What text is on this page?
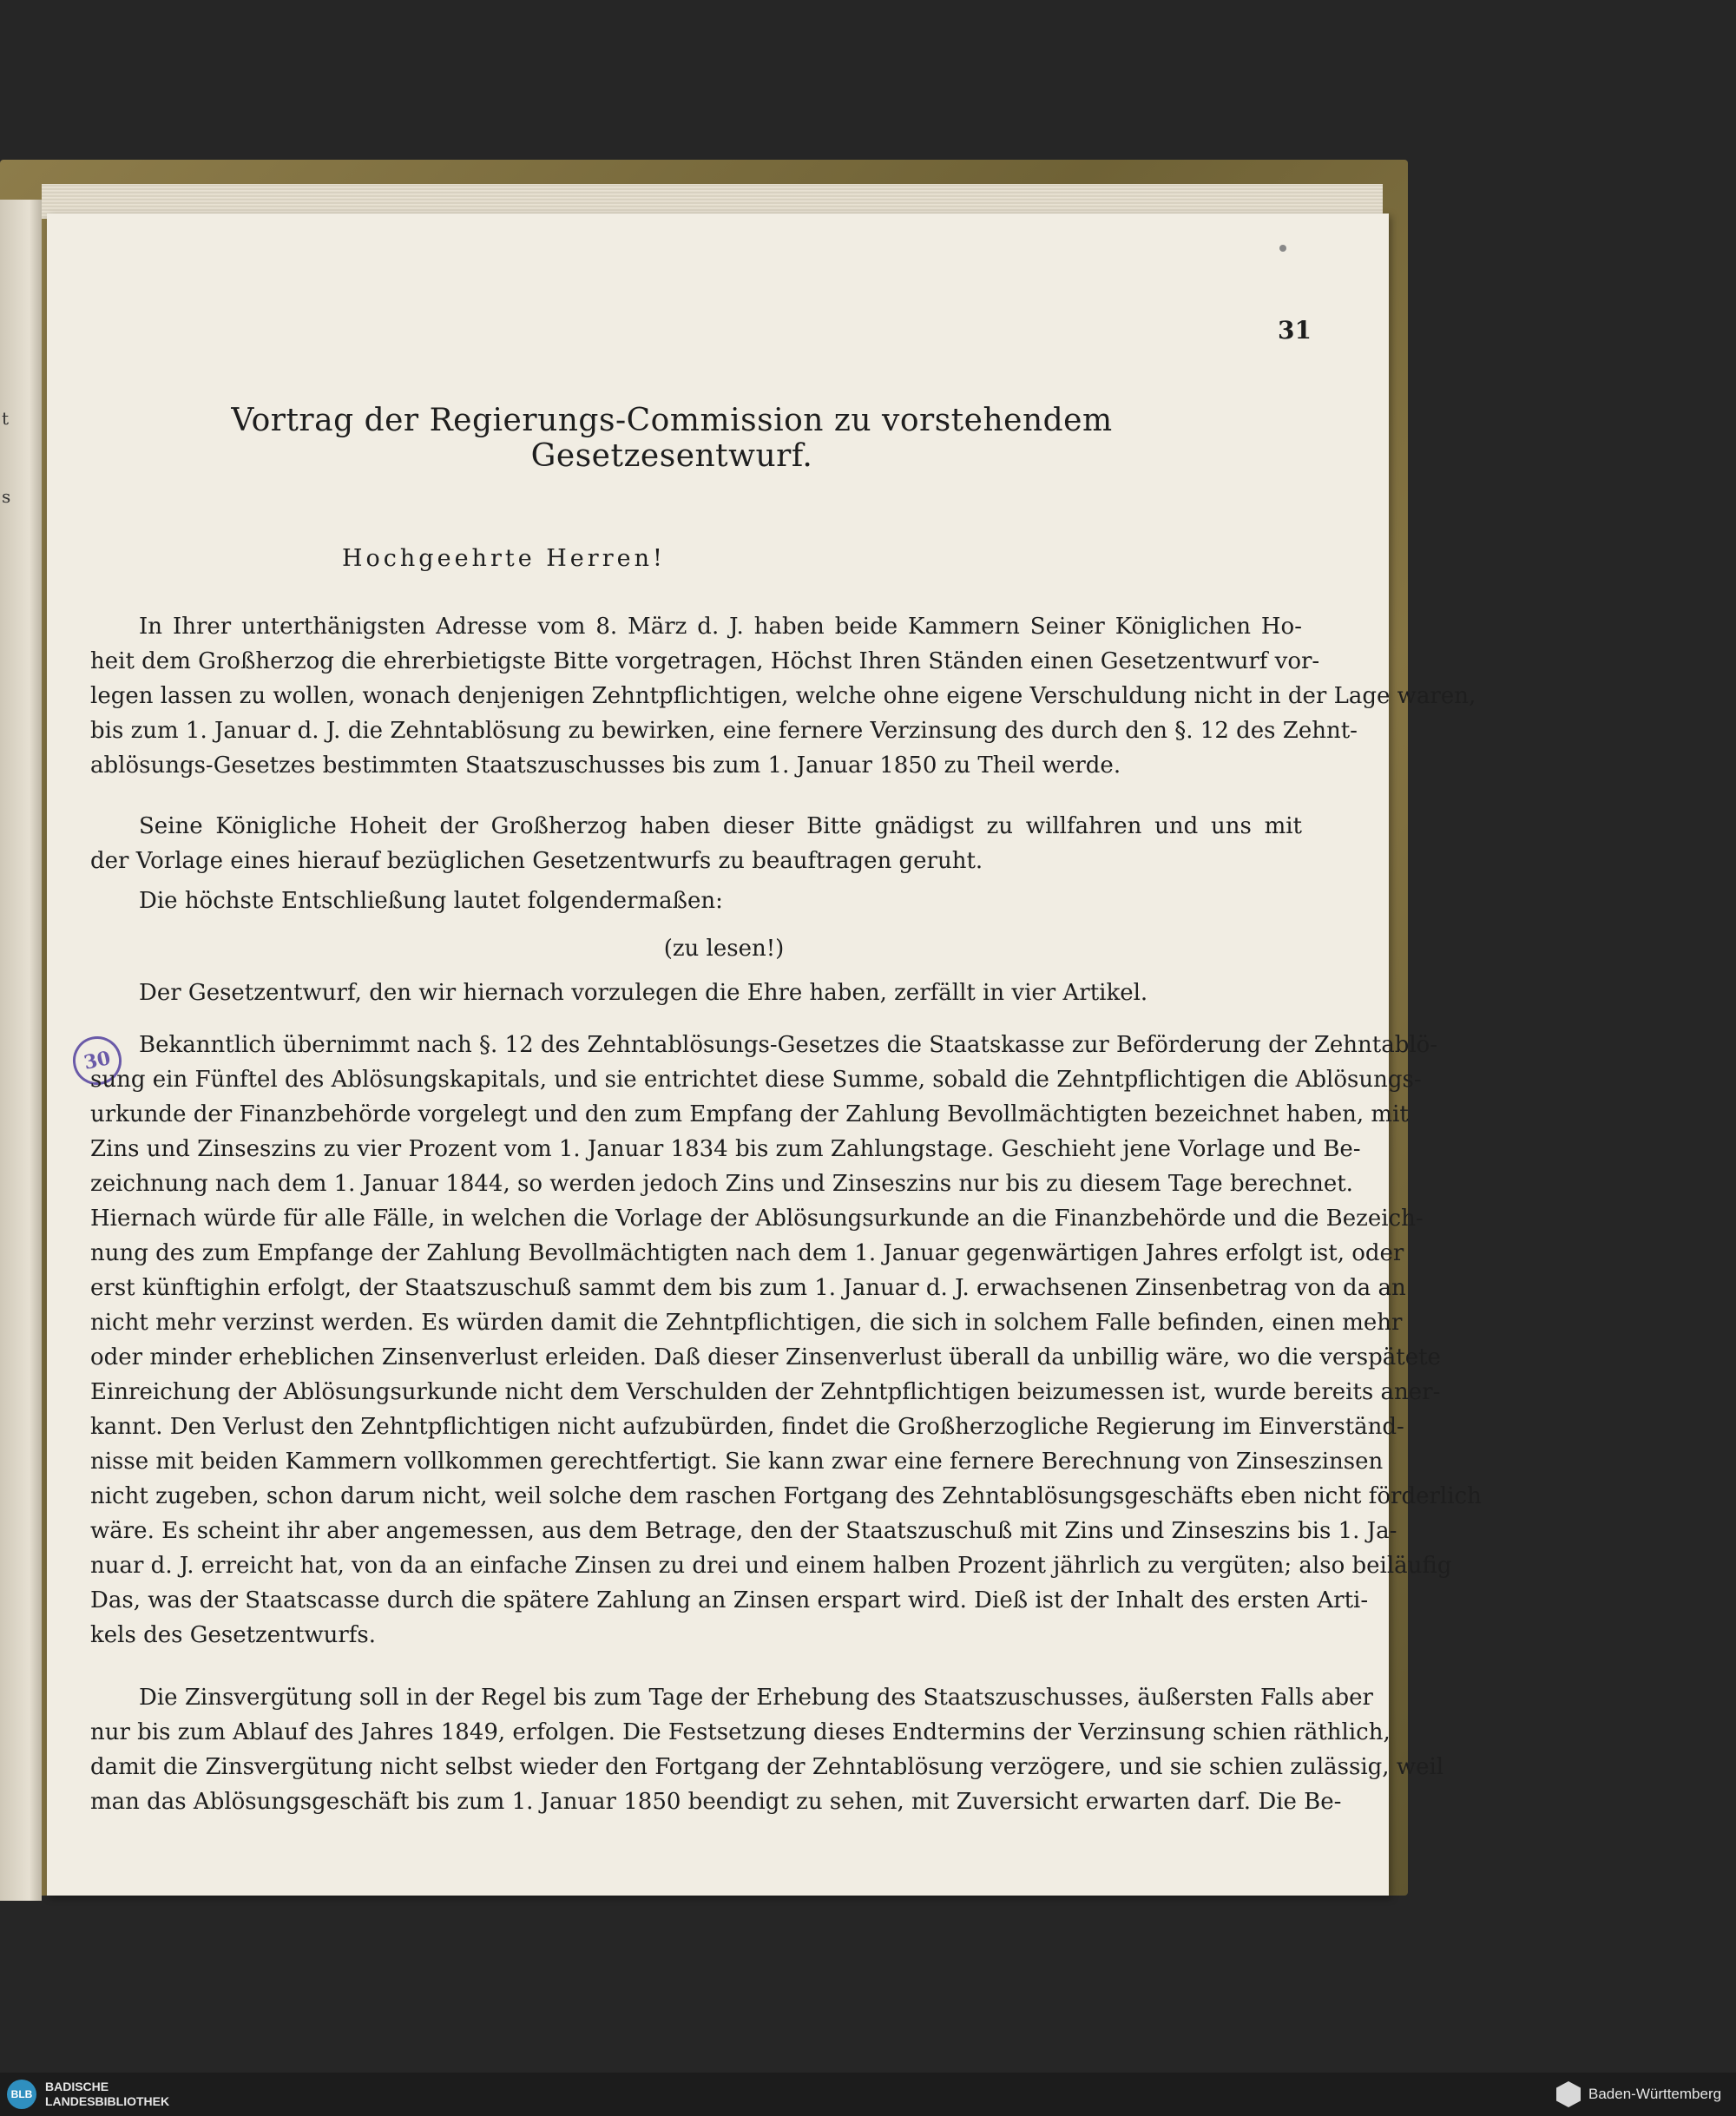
t
s
31
Vortrag der Regierungs-Commission zu vorstehendem Gesetzesentwurf.
Hochgeehrte Herren!
In Ihrer unterthänigsten Adresse vom 8. März d. J. haben beide Kammern Seiner Königlichen Ho-
heit dem Großherzog die ehrerbietigste Bitte vorgetragen, Höchst Ihren Ständen einen Gesetzentwurf vor-
legen lassen zu wollen, wonach denjenigen Zehntpflichtigen, welche ohne eigene Verschuldung nicht in der Lage waren,
bis zum 1. Januar d. J. die Zehntablösung zu bewirken, eine fernere Verzinsung des durch den §. 12 des Zehnt-
ablösungs-Gesetzes bestimmten Staatszuschusses bis zum 1. Januar 1850 zu Theil werde.
Seine Königliche Hoheit der Großherzog haben dieser Bitte gnädigst zu willfahren und uns mit
der Vorlage eines hierauf bezüglichen Gesetzentwurfs zu beauftragen geruht.
Die höchste Entschließung lautet folgendermaßen:
(zu lesen!)
Der Gesetzentwurf, den wir hiernach vorzulegen die Ehre haben, zerfällt in vier Artikel.
30
Bekanntlich übernimmt nach §. 12 des Zehntablösungs-Gesetzes die Staatskasse zur Beförderung der Zehntablö-
sung ein Fünftel des Ablösungskapitals, und sie entrichtet diese Summe, sobald die Zehntpflichtigen die Ablösungs-
urkunde der Finanzbehörde vorgelegt und den zum Empfang der Zahlung Bevollmächtigten bezeichnet haben, mit
Zins und Zinseszins zu vier Prozent vom 1. Januar 1834 bis zum Zahlungstage. Geschieht jene Vorlage und Be-
zeichnung nach dem 1. Januar 1844, so werden jedoch Zins und Zinseszins nur bis zu diesem Tage berechnet.
Hiernach würde für alle Fälle, in welchen die Vorlage der Ablösungsurkunde an die Finanzbehörde und die Bezeich-
nung des zum Empfange der Zahlung Bevollmächtigten nach dem 1. Januar gegenwärtigen Jahres erfolgt ist, oder
erst künftighin erfolgt, der Staatszuschuß sammt dem bis zum 1. Januar d. J. erwachsenen Zinsenbetrag von da an
nicht mehr verzinst werden. Es würden damit die Zehntpflichtigen, die sich in solchem Falle befinden, einen mehr
oder minder erheblichen Zinsenverlust erleiden. Daß dieser Zinsenverlust überall da unbillig wäre, wo die verspätete
Einreichung der Ablösungsurkunde nicht dem Verschulden der Zehntpflichtigen beizumessen ist, wurde bereits aner-
kannt. Den Verlust den Zehntpflichtigen nicht aufzubürden, findet die Großherzogliche Regierung im Einverständ-
nisse mit beiden Kammern vollkommen gerechtfertigt. Sie kann zwar eine fernere Berechnung von Zinseszinsen
nicht zugeben, schon darum nicht, weil solche dem raschen Fortgang des Zehntablösungsgeschäfts eben nicht förderlich
wäre. Es scheint ihr aber angemessen, aus dem Betrage, den der Staatszuschuß mit Zins und Zinseszins bis 1. Ja-
nuar d. J. erreicht hat, von da an einfache Zinsen zu drei und einem halben Prozent jährlich zu vergüten; also beiläufig
Das, was der Staatscasse durch die spätere Zahlung an Zinsen erspart wird. Dieß ist der Inhalt des ersten Arti-
kels des Gesetzentwurfs.
Die Zinsvergütung soll in der Regel bis zum Tage der Erhebung des Staatszuschusses, äußersten Falls aber
nur bis zum Ablauf des Jahres 1849, erfolgen. Die Festsetzung dieses Endtermins der Verzinsung schien räthlich,
damit die Zinsvergütung nicht selbst wieder den Fortgang der Zehntablösung verzögere, und sie schien zulässig, weil
man das Ablösungsgeschäft bis zum 1. Januar 1850 beendigt zu sehen, mit Zuversicht erwarten darf. Die Be-
BLB
BADISCHE
LANDESBIBLIOTHEK	Baden-Württemberg
